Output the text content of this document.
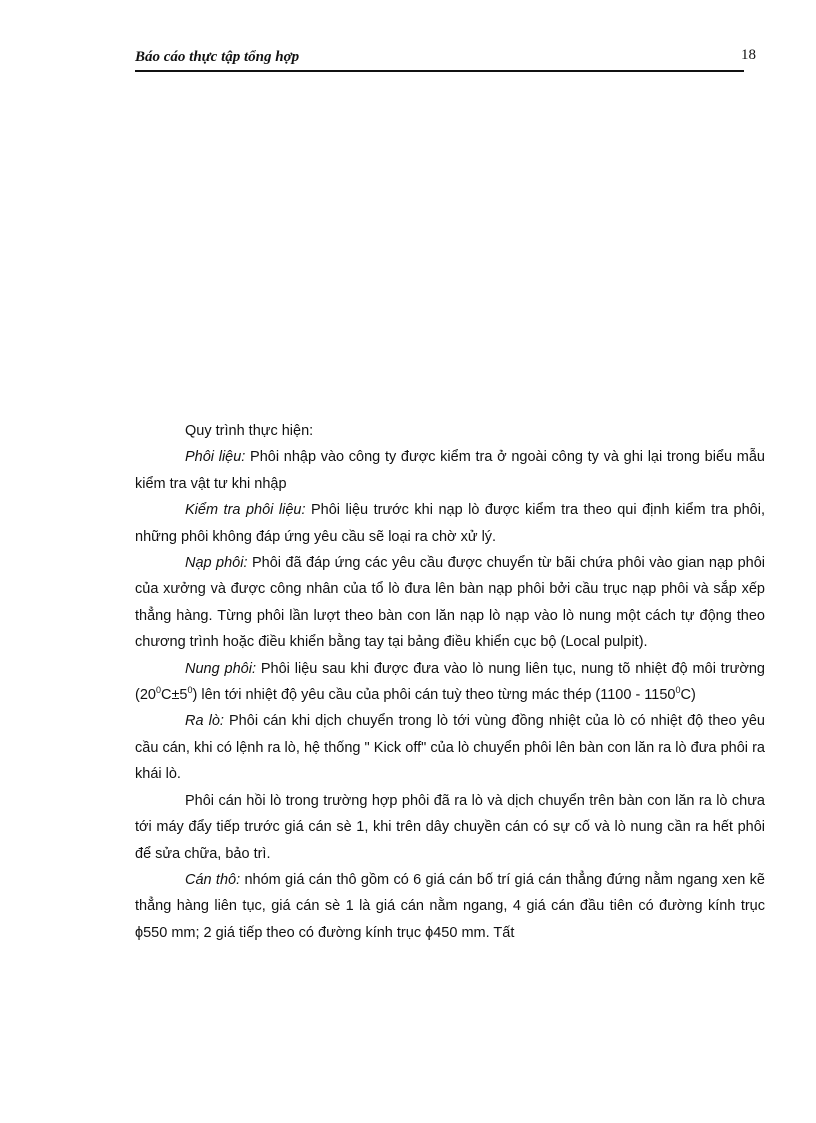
Báo cáo thực tập tổng hợp	18

Quy trình thực hiện:

Phôi liệu: Phôi nhập vào công ty được kiểm tra ở ngoài công ty và ghi lại trong biểu mẫu kiểm tra vật tư khi nhập

Kiểm tra phôi liệu: Phôi liệu trước khi nạp lò được kiểm tra theo qui định kiểm tra phôi, những phôi không đáp ứng yêu cầu sẽ loại ra chờ xử lý.

Nạp phôi: Phôi đã đáp ứng các yêu cầu được chuyển từ bãi chứa phôi vào gian nạp phôi của xưởng và được công nhân của tổ lò đưa lên bàn nạp phôi bởi cầu trục nạp phôi và sắp xếp thẳng hàng. Từng phôi lần lượt theo bàn con lăn nạp lò nạp vào lò nung một cách tự động theo chương trình hoặc điều khiển bằng tay tại bảng điều khiển cục bộ (Local pulpit).

Nung phôi: Phôi liệu sau khi được đưa vào lò nung liên tục, nung tõ nhiệt độ môi trường $(20^0C\pm 5^0)$ lên tới nhiệt độ yêu cầu của phôi cán tuỳ theo từng mác thép (1100 - 1150$^0$C)

Ra lò: Phôi cán khi dịch chuyển trong lò tới vùng đồng nhiệt của lò có nhiệt độ theo yêu cầu cán, khi có lệnh ra lò, hệ thống " Kick off" của lò chuyển phôi lên bàn con lăn ra lò đưa phôi ra khái lò.

Phôi cán hồi lò trong trường hợp phôi đã ra lò và dịch chuyển trên bàn con lăn ra lò chưa tới máy đẩy tiếp trước giá cán sè 1, khi trên dây chuyền cán có sự cố và lò nung cần ra hết phôi để sửa chữa, bảo trì.

Cán thô: nhóm giá cán thô gồm có 6 giá cán bố trí giá cán thẳng đứng nằm ngang xen kẽ thẳng hàng liên tục, giá cán sè 1 là giá cán nằm ngang, 4 giá cán đầu tiên có đường kính trục ϕ550 mm; 2 giá tiếp theo có đường kính trục ϕ450 mm. Tất
